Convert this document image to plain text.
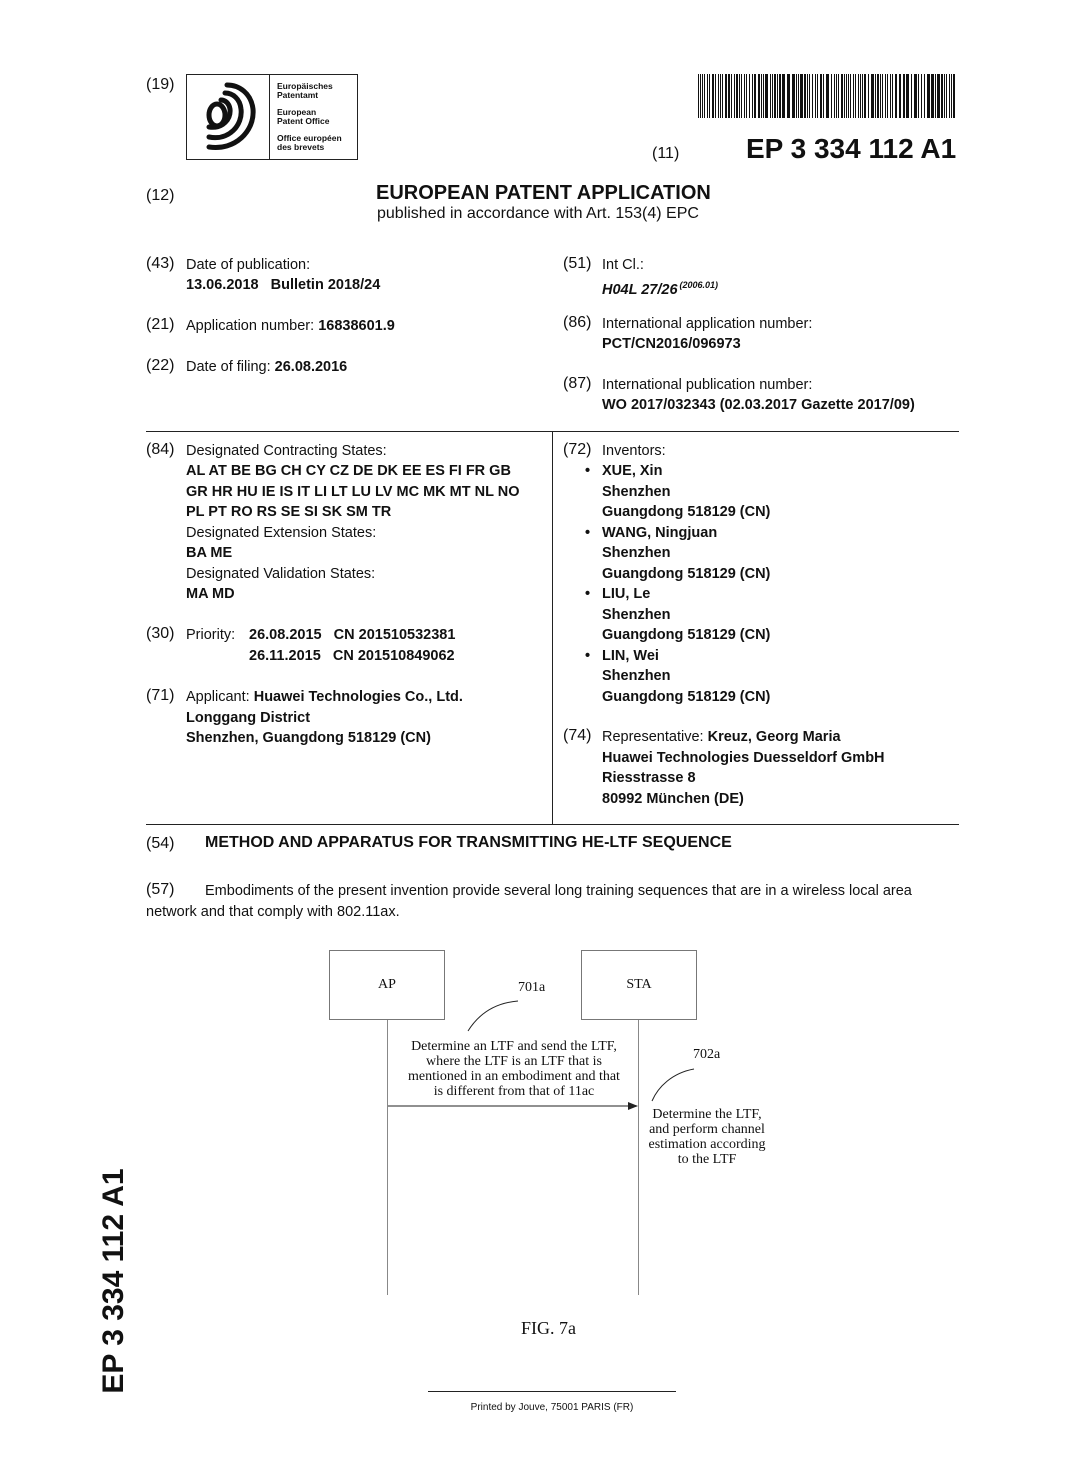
(19)	Europäisches
Patentamt
European
Patent Office
Office européen
des brevets	(11) EP 3 334 112 A1
(12)	EUROPEAN PATENT APPLICATION
published in accordance with Art. 153(4) EPC
(43) Date of publication:
13.06.2018   Bulletin 2018/24
(21) Application number: 16838601.9
(22) Date of filing: 26.08.2016
(51) Int Cl.:
H04L 27/26 $^{(2006.01)}$
(86) International application number:
PCT/CN2016/096973
(87) International publication number:
WO 2017/032343 (02.03.2017 Gazette 2017/09)
(84) Designated Contracting States:
AL AT BE BG CH CY CZ DE DK EE ES FI FR GB
GR HR HU IE IS IT LI LT LU LV MC MK MT NL NO
PL PT RO RS SE SI SK SM TR
Designated Extension States:
BA ME
Designated Validation States:
MA MD
(30) Priority: 26.08.2015   CN 201510532381
26.11.2015   CN 201510849062
(71) Applicant: Huawei Technologies Co., Ltd.
Longgang District
Shenzhen, Guangdong 518129 (CN)
(72) Inventors:
• XUE, Xin
Shenzhen
Guangdong 518129 (CN)
• WANG, Ningjuan
Shenzhen
Guangdong 518129 (CN)
• LIU, Le
Shenzhen
Guangdong 518129 (CN)
• LIN, Wei
Shenzhen
Guangdong 518129 (CN)
(74) Representative: Kreuz, Georg Maria
Huawei Technologies Duesseldorf GmbH
Riesstrasse 8
80992 München (DE)
(54) METHOD AND APPARATUS FOR TRANSMITTING HE-LTF SEQUENCE
(57) Embodiments of the present invention provide several long training sequences that are in a wireless local area
network and that comply with 802.11ax.
AP	STA
701a
702a
Determine an LTF and send the LTF,
where the LTF is an LTF that is
mentioned in an embodiment and that
is different from that of 11ac
Determine the LTF,
and perform channel
estimation according
to the LTF
FIG. 7a
EP 3 334 112 A1
Printed by Jouve, 75001 PARIS (FR)
